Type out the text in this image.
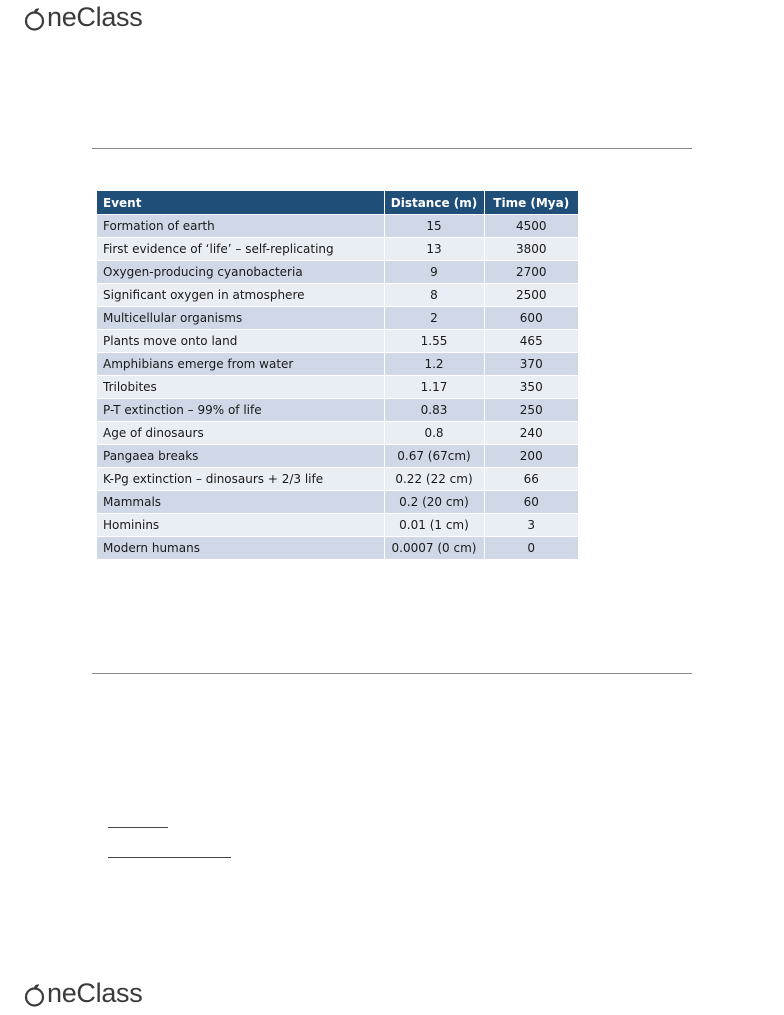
neClass
Event	Distance (m)	Time (Mya)
Formation of earth	15	4500
First evidence of ‘life’ – self-replicating	13	3800
Oxygen-producing cyanobacteria	9	2700
Significant oxygen in atmosphere	8	2500
Multicellular organisms	2	600
Plants move onto land	1.55	465
Amphibians emerge from water	1.2	370
Trilobites	1.17	350
P-T extinction – 99% of life	0.83	250
Age of dinosaurs	0.8	240
Pangaea breaks	0.67 (67cm)	200
K-Pg extinction – dinosaurs + 2/3 life	0.22 (22 cm)	66
Mammals	0.2 (20 cm)	60
Hominins	0.01 (1 cm)	3
Modern humans	0.0007 (0 cm)	0
neClass
